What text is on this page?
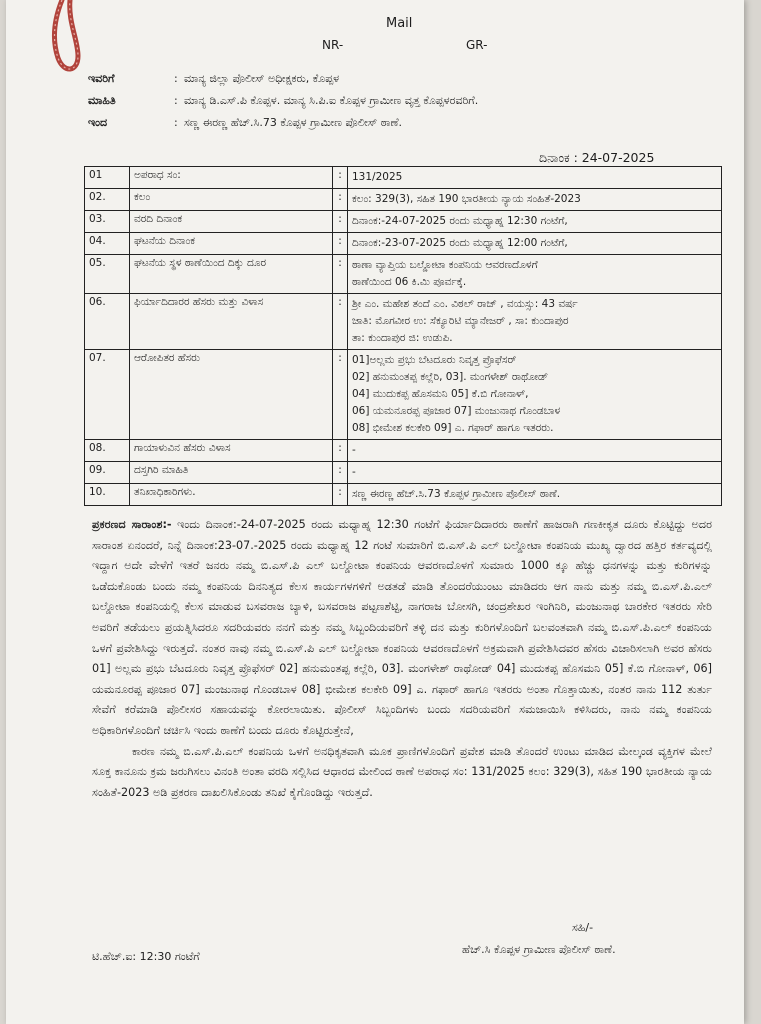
Mail
NR-	GR-
ಇವರಿಗೆ	: ಮಾನ್ಯ ಜಿಲ್ಲಾ ಪೊಲೀಸ್ ಅಧೀಕ್ಷಕರು, ಕೊಪ್ಪಳ
ಮಾಹಿತಿ	: ಮಾನ್ಯ ಡಿ.ಎಸ್.ಪಿ ಕೊಪ್ಪಳ. ಮಾನ್ಯ ಸಿ.ಪಿ.ಐ ಕೊಪ್ಪಳ ಗ್ರಾಮೀಣ ವೃತ್ತ ಕೊಪ್ಪಳರವರಿಗೆ.
ಇಂದ	: ಸಣ್ಣ ಈರಣ್ಣ ಹೆಚ್.ಸಿ.73 ಕೊಪ್ಪಳ ಗ್ರಾಮೀಣ ಪೊಲೀಸ್ ಠಾಣೆ.
ದಿನಾಂಕ : 24-07-2025
01	ಅಪರಾಧ ಸಂ:	:	131/2025

02.	ಕಲಂ	:	ಕಲಂ: 329(3), ಸಹಿತ 190 ಭಾರತೀಯ ನ್ಯಾಯ ಸಂಹಿತೆ-2023

03.	ವರದಿ ದಿನಾಂಕ	:	ದಿನಾಂಕ:-24-07-2025 ರಂದು ಮಧ್ಯಾಹ್ನ 12:30 ಗಂಟೆಗೆ,

04.	ಘಟನೆಯ ದಿನಾಂಕ	:	ದಿನಾಂಕ:-23-07-2025 ರಂದು ಮಧ್ಯಾಹ್ನ 12:00 ಗಂಟೆಗೆ,

05.	ಘಟನೆಯ ಸ್ಥಳ ಠಾಣೆಯಿಂದ ದಿಕ್ಕು ದೂರ	:	ಠಾಣಾ ವ್ಯಾಪ್ತಿಯ ಬಲ್ಡೋಟಾ ಕಂಪನಿಯ ಆವರಣದೊಳಗೆ
ಠಾಣೆಯಿಂದ 06 ಕಿ.ಮಿ ಪೂರ್ವಕ್ಕೆ.

06.	ಫಿರ್ಯಾದಿದಾರರ ಹೆಸರು ಮತ್ತು ವಿಳಾಸ	:	ಶ್ರೀ ಎಂ. ಮಹೇಶ ತಂದೆ ಎಂ. ವಿಠಲ್ ರಾಜ್ , ವಯಸ್ಸು: 43 ವರ್ಷ
ಜಾತಿ: ಮೊಗವೀರ ಉ: ಸೆಕ್ಯೂರಿಟಿ ಮ್ಯಾನೇಜರ್ , ಸಾ: ಕುಂದಾಪುರ
ತಾ: ಕುಂದಾಪುರ ಜಿ: ಉಡುಪಿ.

07.	ಆರೋಪಿತರ ಹೆಸರು	:	01]ಅಲ್ಲಮ ಪ್ರಭು ಬೆಟದೂರು ನಿವೃತ್ತ ಪ್ರೊಫೆಸರ್
02] ಹನುಮಂತಪ್ಪ ಕಲ್ಲೆರಿ, 03]. ಮಂಗಳೇಶ್ ರಾಥೋಡ್
04] ಮುದುಕಪ್ಪ ಹೊಸಮನಿ 05] ಕೆ.ಬಿ ಗೋನಾಳ್,
06] ಯಮನೂರಪ್ಪ ಪೂಜಾರ 07] ಮಂಜುನಾಥ ಗೊಂಡಬಾಳ
08] ಭೀಮೇಶ ಕಲಕೇರಿ 09] ಎ. ಗಫಾರ್ ಹಾಗೂ ಇತರರು.

08.	ಗಾಯಾಳುವಿನ ಹೆಸರು ವಿಳಾಸ	:	-

09.	ದಸ್ತಗಿರಿ ಮಾಹಿತಿ	:	-

10.	ತನಿಖಾಧಿಕಾರಿಗಳು.	:	ಸಣ್ಣ ಈರಣ್ಣ ಹೆಚ್.ಸಿ.73 ಕೊಪ್ಪಳ ಗ್ರಾಮೀಣ ಪೊಲೀಸ್ ಠಾಣೆ.

ಪ್ರಕರಣದ ಸಾರಾಂಶ:- ಇಂದು ದಿನಾಂಕ:-24-07-2025 ರಂದು ಮಧ್ಯಾಹ್ನ 12:30 ಗಂಟೆಗೆ ಫಿರ್ಯಾದಿದಾರರು ಠಾಣೆಗೆ ಹಾಜರಾಗಿ ಗಣಕೀಕೃತ ದೂರು ಕೊಟ್ಟಿದ್ದು ಅದರ ಸಾರಾಂಶ ಏನಂದರೆ, ನಿನ್ನೆ ದಿನಾಂಕ:23-07.-2025 ರಂದು ಮಧ್ಯಾಹ್ನ 12 ಗಂಟೆ ಸುಮಾರಿಗೆ ಬಿ.ಎಸ್.ಪಿ ಎಲ್ ಬಲ್ಡೋಟಾ ಕಂಪನಿಯ ಮುಖ್ಯ ದ್ವಾರದ ಹತ್ತಿರ ಕರ್ತವ್ಯದಲ್ಲಿ ಇದ್ದಾಗ ಅದೇ ವೇಳೆಗೆ ಇತರೆ ಜನರು ನಮ್ಮ ಬಿ.ಎಸ್.ಪಿ ಎಲ್ ಬಲ್ಡೋಟಾ ಕಂಪನಿಯ ಆವರಣದೊಳಗೆ ಸುಮಾರು 1000 ಕ್ಕೂ ಹೆಚ್ಚು ಧನಗಳನ್ನು ಮತ್ತು ಕುರಿಗಳನ್ನು ಒಡೆದುಕೊಂಡು ಬಂದು ನಮ್ಮ ಕಂಪನಿಯ ದಿನನಿತ್ಯದ ಕೆಲಸ ಕಾರ್ಯಗಳಗಳಿಗೆ ಅಡತಡೆ ಮಾಡಿ ತೊಂದರೆಯುಂಟು ಮಾಡಿದರು ಆಗ ನಾನು ಮತ್ತು ನಮ್ಮ ಬಿ.ಎಸ್.ಪಿ.ಎಲ್ ಬಲ್ಡೋಟಾ ಕಂಪನಿಯಲ್ಲಿ ಕೆಲಸ ಮಾಡುವ ಬಸವರಾಜ ಬ್ಯಾಳಿ, ಬಸವರಾಜ ಪಟ್ಟಣಶೆಟ್ಟಿ, ನಾಗರಾಜ ಬೋಸಗಿ, ಚಂದ್ರಶೇಖರ ಇಂಗಿನಿರಿ, ಮಂಜುನಾಥ ಬಾರಕೇರ ಇತರರು ಸೇರಿ ಅವರಿಗೆ ತಡೆಯಲು ಪ್ರಯತ್ನಿಸಿದರೂ ಸದರಿಯವರು ನನಗೆ ಮತ್ತು ನಮ್ಮ ಸಿಬ್ಬಂದಿಯವರಿಗೆ ತಳ್ಳಿ ದನ ಮತ್ತು ಕುರಿಗಳೊಂದಿಗೆ ಬಲವಂತವಾಗಿ ನಮ್ಮ ಬಿ.ಎಸ್.ಪಿ.ಎಲ್ ಕಂಪನಿಯ ಒಳಗೆ ಪ್ರವೇಶಿಸಿದ್ದು ಇರುತ್ತದೆ. ನಂತರ ನಾವು ನಮ್ಮ ಬಿ.ಎಸ್.ಪಿ ಎಲ್ ಬಲ್ಡೋಟಾ ಕಂಪನಿಯ ಆವರಣದೊಳಗೆ ಅಕ್ರಮವಾಗಿ ಪ್ರವೇಶಿಸಿದವರ ಹೆಸರು ವಿಚಾರಿಸಲಾಗಿ ಅವರ ಹೆಸರು 01] ಅಲ್ಲಮ ಪ್ರಭು ಬೆಟದೂರು ನಿವೃತ್ತ ಪ್ರೊಫೆಸರ್ 02] ಹನುಮಂತಪ್ಪ ಕಲ್ಲೆರಿ, 03]. ಮಂಗಳೇಶ್ ರಾಥೋಡ್ 04] ಮುದುಕಪ್ಪ ಹೊಸಮನಿ 05] ಕೆ.ಬಿ ಗೋನಾಳ್, 06] ಯಮನೂರಪ್ಪ ಪೂಜಾರ 07] ಮಂಜುನಾಥ ಗೊಂಡಬಾಳ 08] ಭೀಮೇಶ ಕಲಕೇರಿ 09] ಎ. ಗಫಾರ್ ಹಾಗೂ ಇತರರು ಅಂತಾ ಗೊತ್ತಾಯಿತು, ನಂತರ ನಾನು 112 ತುರ್ತು ಸೇವೆಗೆ ಕರೆಮಾಡಿ ಪೊಲೀಸರ ಸಹಾಯವನ್ನು ಕೋರಲಾಯಿತು. ಪೊಲೀಸ್ ಸಿಬ್ಬಂದಿಗಳು ಬಂದು ಸದರಿಯವರಿಗೆ ಸಮಜಾಯಿಸಿ ಕಳಿಸಿದರು, ನಾನು ನಮ್ಮ ಕಂಪನಿಯ ಅಧಿಕಾರಿಗಳೊಂದಿಗೆ ಚರ್ಚಿಸಿ ಇಂದು ಠಾಣೆಗೆ ಬಂದು ದೂರು ಕೊಟ್ಟಿರುತ್ತೇನೆ,

ಕಾರಣ ನಮ್ಮ ಬಿ.ಎಸ್.ಪಿ.ಎಲ್ ಕಂಪನಿಯ ಒಳಗೆ ಅನಧಿಕೃತವಾಗಿ ಮೂಕ ಪ್ರಾಣಿಗಳೊಂದಿಗೆ ಪ್ರವೇಶ ಮಾಡಿ ತೊಂದರೆ ಉಂಟು ಮಾಡಿದ ಮೇಲ್ಕಂಡ ವ್ಯಕ್ತಿಗಳ ಮೇಲೆ ಸೂಕ್ತ ಕಾನೂನು ಕ್ರಮ ಜರುಗಿಸಲು ವಿನಂತಿ ಅಂತಾ ವರದಿ ಸಲ್ಲಿಸಿದ ಆಧಾರದ ಮೇಲಿಂದ ಠಾಣೆ ಅಪರಾಧ ಸಂ: 131/2025 ಕಲಂ: 329(3), ಸಹಿತ 190 ಭಾರತೀಯ ನ್ಯಾಯ ಸಂಹಿತೆ-2023 ಅಡಿ ಪ್ರಕರಣ ದಾಖಲಿಸಿಕೊಂಡು ತನಿಖೆ ಕೈಗೊಂಡಿದ್ದು ಇರುತ್ತದೆ.

ಸಹಿ/-
ಹೆಚ್.ಸಿ ಕೊಪ್ಪಳ ಗ್ರಾಮೀಣ ಪೊಲೀಸ್ ಠಾಣೆ.
ಟಿ.ಹೆಚ್.ಐ: 12:30 ಗಂಟೆಗೆ
